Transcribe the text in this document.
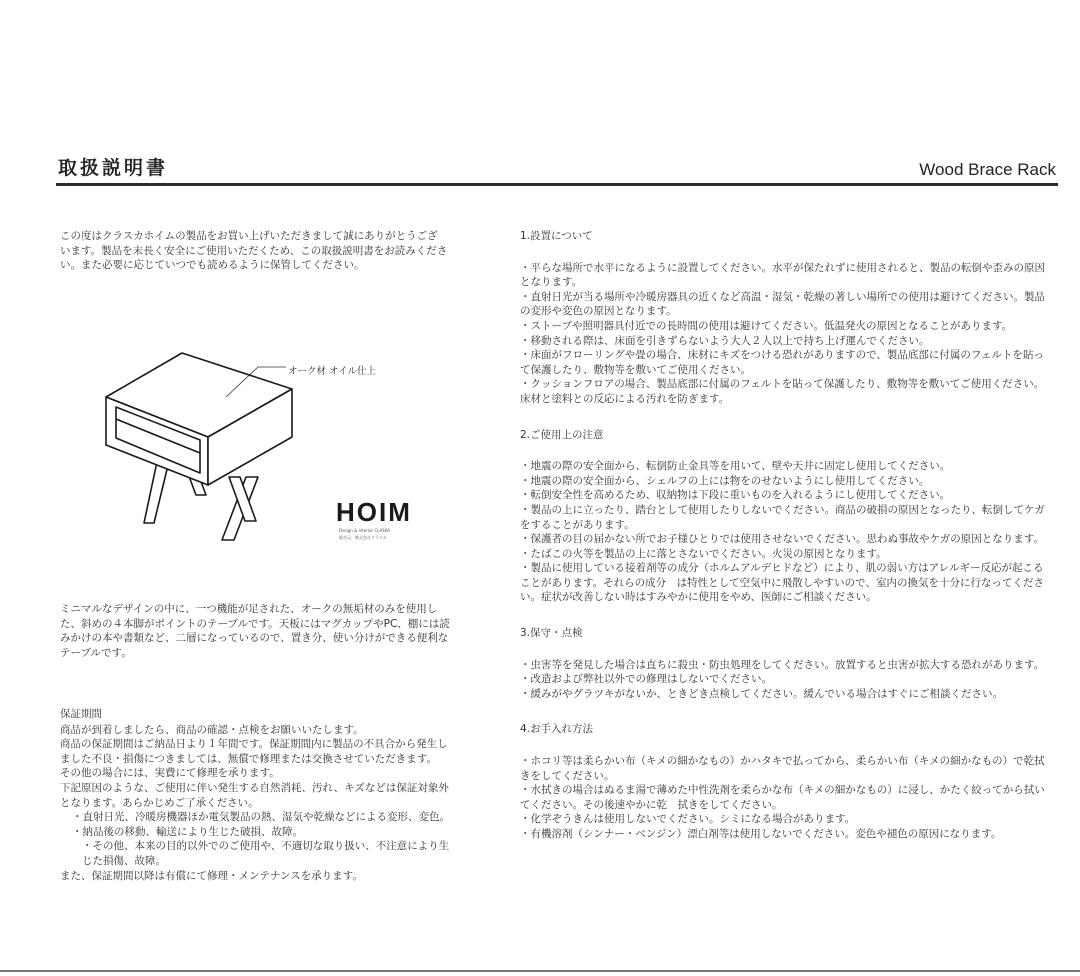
取扱説明書	Wood Brace Rack
この度はクラスカホイムの製品をお買い上げいただきまして誠にありがとうございます。製品を末長く安全にご使用いただくため、この取扱説明書をお読みください。また必要に応じていつでも読めるように保管してください。
オーク材 オイル仕上
HOIM
Design & Interior CLASKA
販売元：株式会社クラスカ
ミニマルなデザインの中に、一つ機能が足された、オークの無垢材のみを使用した、斜めの４本脚がポイントのテーブルです。天板にはマグカップやPC、棚には読みかけの本や書類など、二層になっているので、置き分、使い分けができる便利なテーブルです。

保証期間

商品が到着しましたら、商品の確認・点検をお願いいたします。

商品の保証期間はご納品日より１年間です。保証期間内に製品の不具合から発生しました不良・損傷につきましては、無償で修理または交換させていただきます。

その他の場合には、実費にて修理を承ります。

下記原因のような、ご使用に伴い発生する自然消耗、汚れ、キズなどは保証対象外となります。あらかじめご了承ください。

・直射日光、冷暖房機器ほか電気製品の熱、湿気や乾燥などによる変形、変色。

・納品後の移動、輸送により生じた破損、故障。

・その他、本来の目的以外でのご使用や、不適切な取り扱い、不注意により生じた損傷、故障。

また、保証期間以降は有償にて修理・メンテナンスを承ります。

1.設置について

・平らな場所で水平になるように設置してください。水平が保たれずに使用されると、製品の転倒や歪みの原因となります。

・直射日光が当る場所や冷暖房器具の近くなど高温・湿気・乾燥の著しい場所での使用は避けてください。製品の変形や変色の原因となります。

・ストーブや照明器具付近での長時間の使用は避けてください。低温発火の原因となることがあります。

・移動される際は、床面を引きずらないよう大人２人以上で持ち上げ運んでください。

・床面がフローリングや畳の場合、床材にキズをつける恐れがありますので、製品底部に付属のフェルトを貼って保護したり、敷物等を敷いてご使用ください。

・クッションフロアの場合、製品底部に付属のフェルトを貼って保護したり、敷物等を敷いてご使用ください。床材と塗料との反応による汚れを防ぎます。

2.ご使用上の注意

・地震の際の安全面から、転倒防止金具等を用いて、壁や天井に固定し使用してください。

・地震の際の安全面から、シェルフの上には物をのせないようにし使用してください。

・転倒安全性を高めるため、収納物は下段に重いものを入れるようにし使用してください。

・製品の上に立ったり、踏台として使用したりしないでください。商品の破損の原因となったり、転倒してケガをすることがあります。

・保護者の目の届かない所でお子様ひとりでは使用させないでください。思わぬ事故やケガの原因となります。

・たばこの火等を製品の上に落とさないでください。火災の原因となります。

・製品に使用している接着剤等の成分（ホルムアルデヒドなど）により、肌の弱い方はアレルギー反応が起こることがあります。それらの成分　は特性として空気中に飛散しやすいので、室内の換気を十分に行なってください。症状が改善しない時はすみやかに使用をやめ、医師にご相談ください。

3.保守・点検

・虫害等を発見した場合は直ちに殺虫・防虫処理をしてください。放置すると虫害が拡大する恐れがあります。

・改造および弊社以外での修理はしないでください。

・緩みがやグラツキがないか、ときどき点検してください。緩んでいる場合はすぐにご相談ください。

4.お手入れ方法

・ホコリ等は柔らかい布（キメの細かなもの）かハタキで払ってから、柔らかい布（キメの細かなもの）で乾拭きをしてください。

・水拭きの場合はぬるま湯で薄めた中性洗剤を柔らかな布（キメの細かなもの）に浸し、かたく絞ってから拭いてください。その後速やかに乾　拭きをしてください。

・化学ぞうきんは使用しないでください。シミになる場合があります。

・有機溶剤（シンナー・ベンジン）漂白剤等は使用しないでください。変色や褪色の原因になります。
